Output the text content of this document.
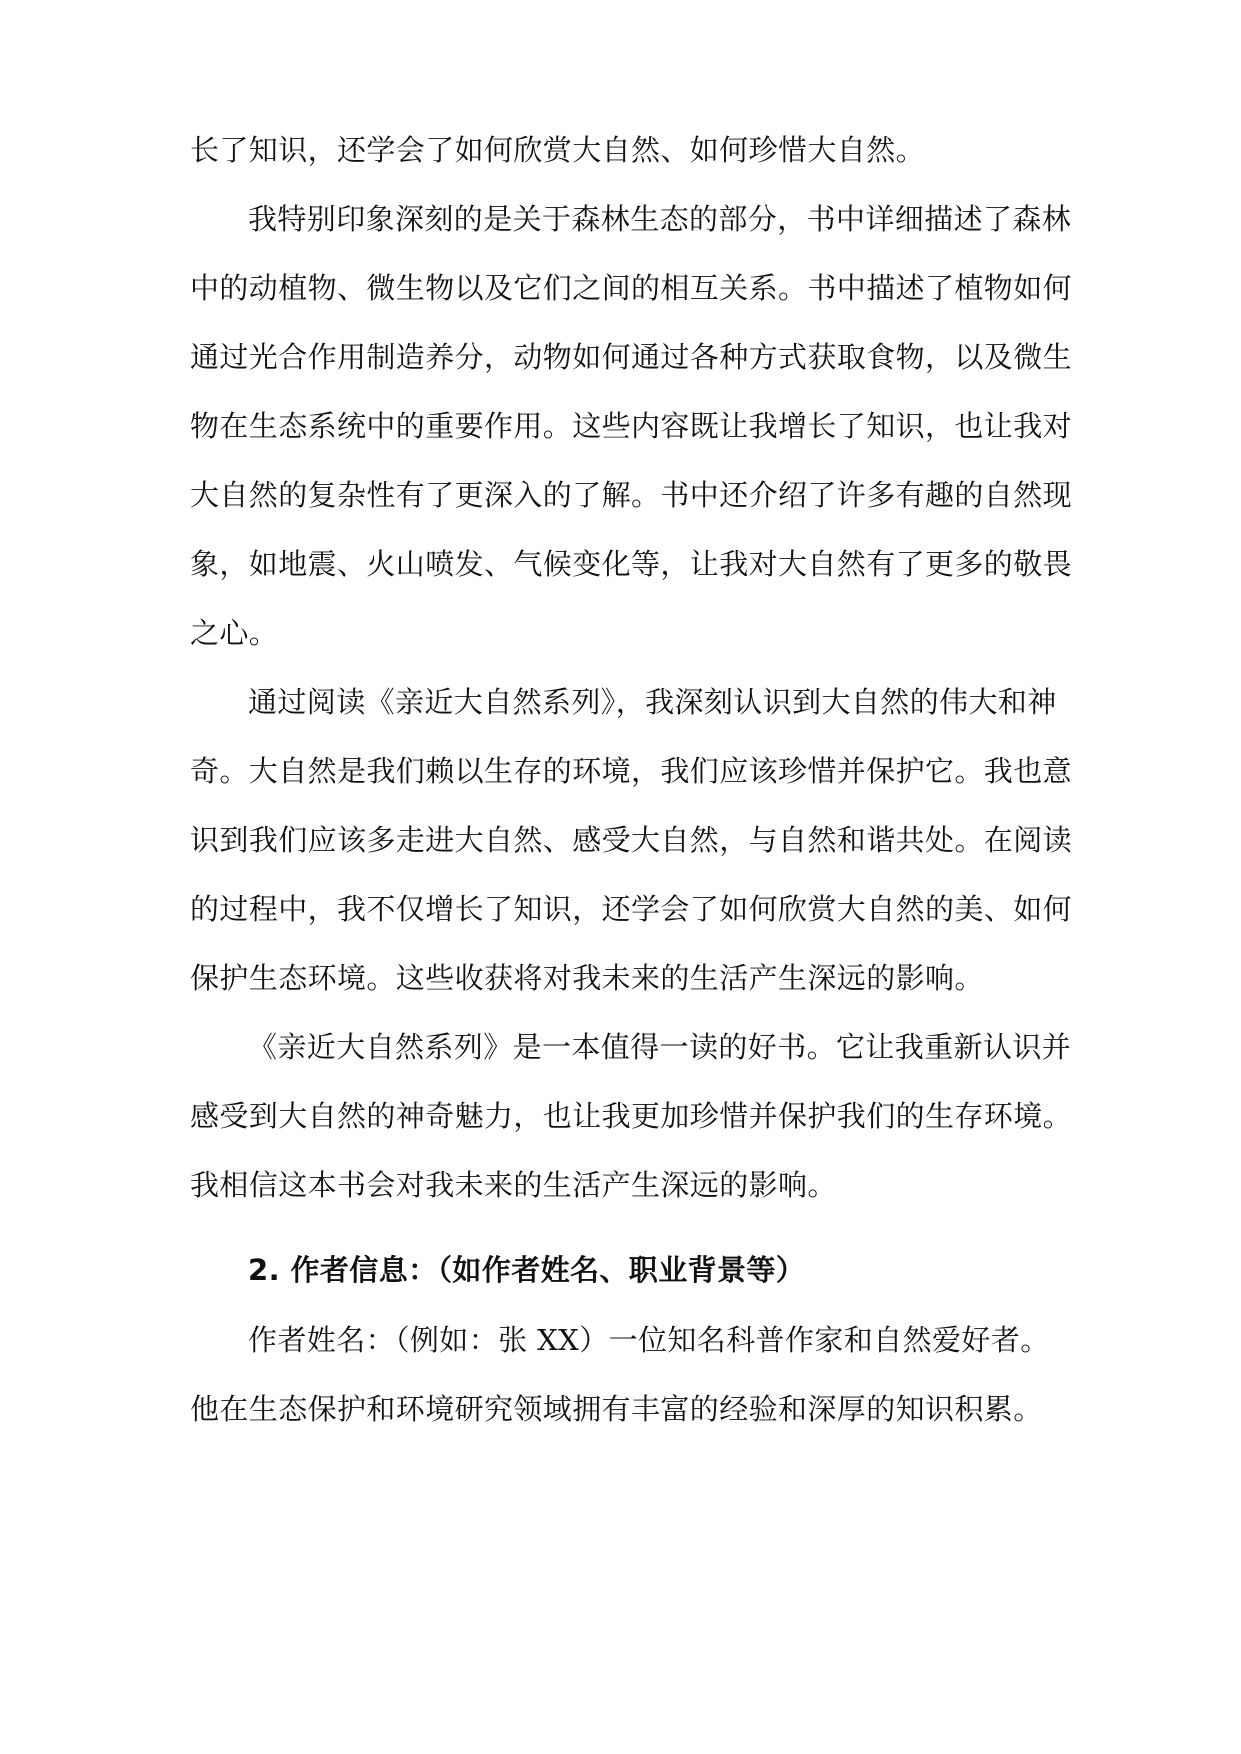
长了知识，还学会了如何欣赏大自然、如何珍惜大自然。
我特别印象深刻的是关于森林生态的部分，书中详细描述了森林
中的动植物、微生物以及它们之间的相互关系。书中描述了植物如何
通过光合作用制造养分，动物如何通过各种方式获取食物，以及微生
物在生态系统中的重要作用。这些内容既让我增长了知识，也让我对
大自然的复杂性有了更深入的了解。书中还介绍了许多有趣的自然现
象，如地震、火山喷发、气候变化等，让我对大自然有了更多的敬畏
之心。
通过阅读《亲近大自然系列》，我深刻认识到大自然的伟大和神
奇。大自然是我们赖以生存的环境，我们应该珍惜并保护它。我也意
识到我们应该多走进大自然、感受大自然，与自然和谐共处。在阅读
的过程中，我不仅增长了知识，还学会了如何欣赏大自然的美、如何
保护生态环境。这些收获将对我未来的生活产生深远的影响。
《亲近大自然系列》是一本值得一读的好书。它让我重新认识并
感受到大自然的神奇魅力，也让我更加珍惜并保护我们的生存环境。
我相信这本书会对我未来的生活产生深远的影响。
2. 作者信息：（如作者姓名、职业背景等）
作者姓名：（例如：张 XX）一位知名科普作家和自然爱好者。
他在生态保护和环境研究领域拥有丰富的经验和深厚的知识积累。
